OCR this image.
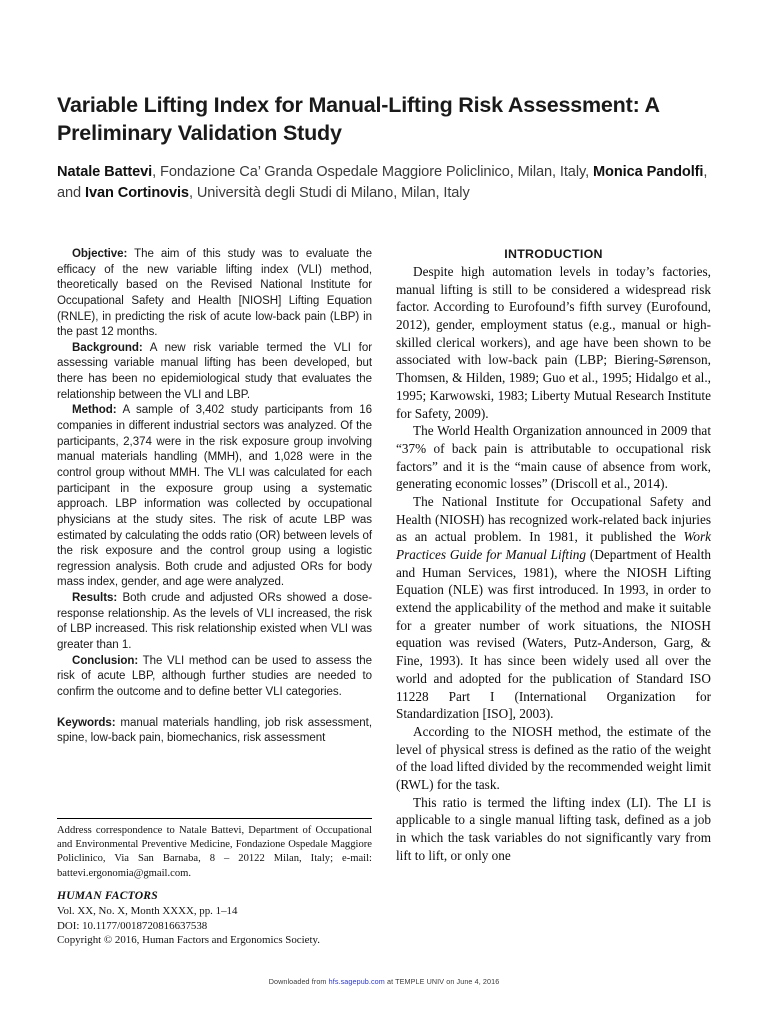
Variable Lifting Index for Manual-Lifting Risk Assessment: A Preliminary Validation Study
Natale Battevi, Fondazione Ca’ Granda Ospedale Maggiore Policlinico, Milan, Italy, Monica Pandolfi, and Ivan Cortinovis, Università degli Studi di Milano, Milan, Italy

Objective: The aim of this study was to evaluate the efficacy of the new variable lifting index (VLI) method, theoretically based on the Revised National Institute for Occupational Safety and Health [NIOSH] Lifting Equation (RNLE), in predicting the risk of acute low-back pain (LBP) in the past 12 months.

Background: A new risk variable termed the VLI for assessing variable manual lifting has been developed, but there has been no epidemiological study that evaluates the relationship between the VLI and LBP.

Method: A sample of 3,402 study participants from 16 companies in different industrial sectors was analyzed. Of the participants, 2,374 were in the risk exposure group involving manual materials handling (MMH), and 1,028 were in the control group without MMH. The VLI was calculated for each participant in the exposure group using a systematic approach. LBP information was collected by occupational physicians at the study sites. The risk of acute LBP was estimated by calculating the odds ratio (OR) between levels of the risk exposure and the control group using a logistic regression analysis. Both crude and adjusted ORs for body mass index, gender, and age were analyzed.

Results: Both crude and adjusted ORs showed a dose-response relationship. As the levels of VLI increased, the risk of LBP increased. This risk relationship existed when VLI was greater than 1.

Conclusion: The VLI method can be used to assess the risk of acute LBP, although further studies are needed to confirm the outcome and to define better VLI categories.

Keywords: manual materials handling, job risk assessment, spine, low-back pain, biomechanics, risk assessment
Address correspondence to Natale Battevi, Department of Occupational and Environmental Preventive Medicine, Fondazione Ospedale Maggiore Policlinico, Via San Barnaba, 8 – 20122 Milan, Italy; e-mail: battevi.ergonomia@gmail.com.
HUMAN FACTORS
Vol. XX, No. X, Month XXXX, pp. 1–14
DOI: 10.1177/0018720816637538
Copyright © 2016, Human Factors and Ergonomics Society.
INTRODUCTION

Despite high automation levels in today’s factories, manual lifting is still to be considered a widespread risk factor. According to Eurofound’s fifth survey (Eurofound, 2012), gender, employment status (e.g., manual or high-skilled clerical workers), and age have been shown to be associated with low-back pain (LBP; Biering-Sørenson, Thomsen, & Hilden, 1989; Guo et al., 1995; Hidalgo et al., 1995; Karwowski, 1983; Liberty Mutual Research Institute for Safety, 2009).

The World Health Organization announced in 2009 that “37% of back pain is attributable to occupational risk factors” and it is the “main cause of absence from work, generating economic losses” (Driscoll et al., 2014).

The National Institute for Occupational Safety and Health (NIOSH) has recognized work-related back injuries as an actual problem. In 1981, it published the Work Practices Guide for Manual Lifting (Department of Health and Human Services, 1981), where the NIOSH Lifting Equation (NLE) was first introduced. In 1993, in order to extend the applicability of the method and make it suitable for a greater number of work situations, the NIOSH equation was revised (Waters, Putz-Anderson, Garg, & Fine, 1993). It has since been widely used all over the world and adopted for the publication of Standard ISO 11228 Part I (International Organization for Standardization [ISO], 2003).

According to the NIOSH method, the estimate of the level of physical stress is defined as the ratio of the weight of the load lifted divided by the recommended weight limit (RWL) for the task.

This ratio is termed the lifting index (LI). The LI is applicable to a single manual lifting task, defined as a job in which the task variables do not significantly vary from lift to lift, or only one

Downloaded from hfs.sagepub.com at TEMPLE UNIV on June 4, 2016
